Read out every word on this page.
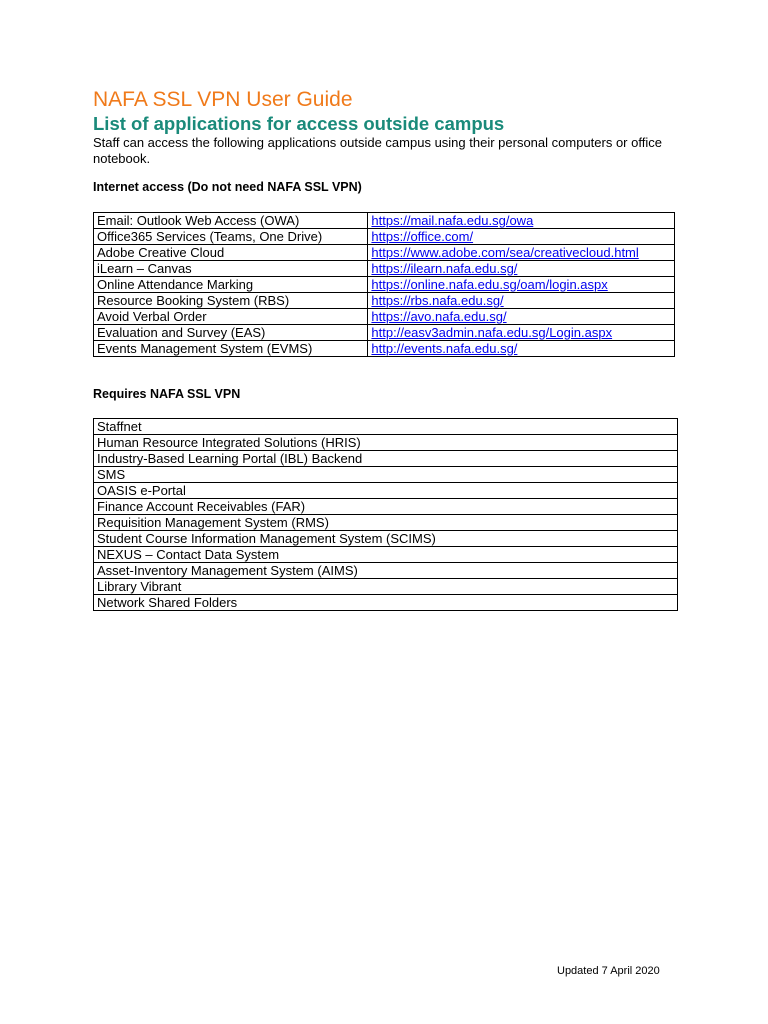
NAFA SSL VPN User Guide
List of applications for access outside campus

Staff can access the following applications outside campus using their personal computers or office notebook.

Internet access (Do not need NAFA SSL VPN)

Email: Outlook Web Access (OWA)	https://mail.nafa.edu.sg/owa
Office365 Services (Teams, One Drive)	https://office.com/
Adobe Creative Cloud	https://www.adobe.com/sea/creativecloud.html
iLearn – Canvas	https://ilearn.nafa.edu.sg/
Online Attendance Marking	https://online.nafa.edu.sg/oam/login.aspx
Resource Booking System (RBS)	https://rbs.nafa.edu.sg/
Avoid Verbal Order	https://avo.nafa.edu.sg/
Evaluation and Survey (EAS)	http://easv3admin.nafa.edu.sg/Login.aspx
Events Management System (EVMS)	http://events.nafa.edu.sg/

Requires NAFA SSL VPN

Staffnet
Human Resource Integrated Solutions (HRIS)
Industry-Based Learning Portal (IBL) Backend
SMS
OASIS e-Portal
Finance Account Receivables (FAR)
Requisition Management System (RMS)
Student Course Information Management System (SCIMS)
NEXUS – Contact Data System
Asset-Inventory Management System (AIMS)
Library Vibrant
Network Shared Folders

Updated 7 April 2020
